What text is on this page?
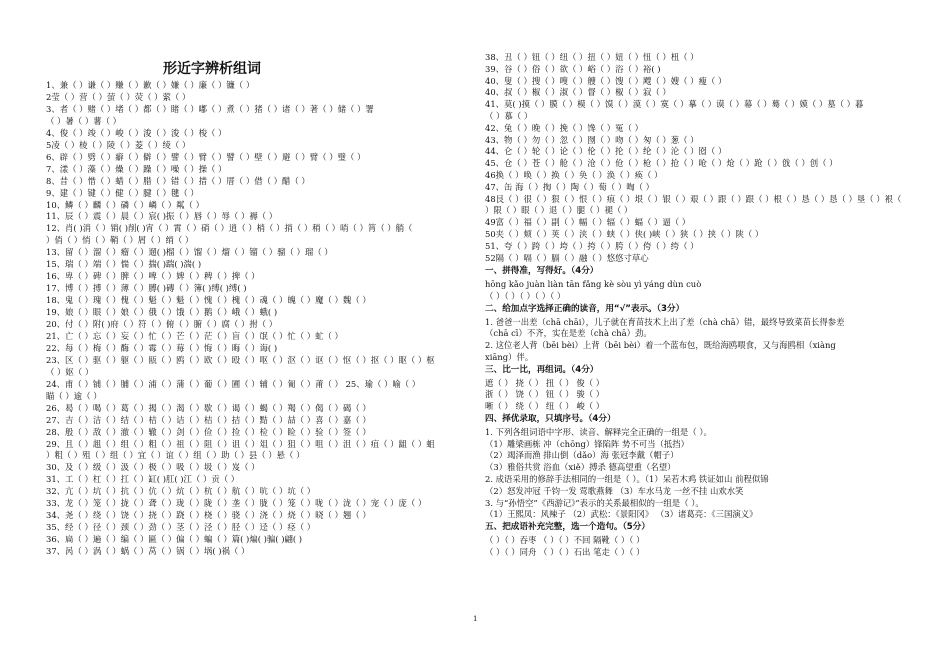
形近字辨析组词
1、兼（ ）谦（ ）赚（ ）歉（ ）嫌（ ）廉（ ）镰（ ）
2莹（ ）营（ ）萤（ ）荧（ ）萦（ ）
3、者（ ）赌（ ）堵（ ）都（ ）睹（ ）嘟（ ）煮（ ）猪（ ）诸（ ）著（ ）储（ ）署
（ ）暑（ ）薯（ ）
4、俊（ ）竣（ ）峻（ ）浚（ ）浚（ ）梭（ ）
5凌（ ）棱（ ）陵（ ）菱（ ）绫（ ）
6、辟（ ）劈（ ）癖（ ）僻（ ）譬（ ）臂（ ）譬（ ）壁（ ）避（ ）臂（ ）璧（ ）
7、漾（ ）藻（ ）燥（ ）躁（ ）噪（ ）操（ ）
8、昔（ ）惜（ ）蜡（ ）腊（ ）错（ ）措（ ）厝（ ）借（ ）醋（ ）
9、建（ ）键（ ）健（ ）腱（ ）毽（ ）
10、鳞（ ）麟（ ）磷（ ）嶙（ ）粼（ ）
11、辰（ ）震（ ）晨（ ）宸( )振（ ）唇（ ）辱（ ）褥（ ）
12、肖( )消（ ）销( )削( )宵（ ）霄（ ）硝（ ）逍（ ）梢（ ）捎（ ）稍（ ）哨（ ）筲（ ）艄（
）俏（ ）悄（ ）鞘（ ）屑（ ）绡（ ）
13、留（ ）溜（ ）瘤（ ）遛( )榴（ ）馏（ ）熘（ ）镏（ ）骝（ ）瑠（ ）
15、瑞（ ）端（ ）惴（ ）揣( )踹( )湍( )
16、卑（ ）碑（ ）脾（ ）啤（ ）婢（ ）稗（ ）捭（ ）
17、博（ ）搏（ ）薄（ ）膊( )磚（ ）簿( )缚( )缚( )
18、鬼（ ）瑰（ ）傀（ ）魁（ ）魁（ ）愧（ ）槐（ ）魂（ ）魄（ ）魔（ ）魏（ ）
19、娘（ ）眼（ ）娘（ ）俄（ ）饿（ ）鹅（ ）峨（ ）蛾( )
20、付（ ）附( )府（ ）符（ ）俯（ ）腑（ ）腐（ ）拊（ ）
21、亡（ ）忘（ ）妄（ ）忙（ ）芒（ ）茫（ ）盲（ ）氓（ ）忙（ ）虻（ ）
22、每（ ）梅（ ）酶（ ）霉（ ）莓（ ）悔（ ）晦（ ）诲( )
23、区（ ）驱（ ）躯（ ）瓯（ ）鸥（ ）欧（ ）殴（ ）呕（ ）沤（ ）讴（ ）怄（ ）抠（ ）眍（ ）枢
（ ）妪（ ）
24、甫（ ）铺（ ）脯（ ）浦（ ）蒲（ ）葡（ ）圃（ ）辅（ ）匍（ ）莆（ ） 25、瑜（ ）喻（ ）
瞄（ ）逾（ ）
26、曷（ ）喝（ ）葛（ ）揭（ ）渴（ ）歇（ ）谒（ ）蝎（ ）羯（ ）偈（ ）碣（ ）
27、吉（ ）洁（ ）结（ ）桔（ ）诘（ ）桔（ ）拮（ ）黠（ ）喆（ ）喜（ ）嘉（ ）
28、般（ ）敌（ ）澈（ ）辙（ ）剑（ ）俭（ ）捡（ ）检（ ）睑（ ）验（ ）签（ ）
29、且（ ）趄（ ）组（ ）粗（ ）祖（ ）阻（ ）诅（ ）俎（ ）狙（ ）咀（ ）沮（ ）疽（ ）龃（ ）蛆
）粗（ ）殂（ ）组（ ）宜（ ）谊（ ）组（ ）助（ ）县（ ）悬（ ）
30、及（ ）级（ ）汲（ ）极（ ）吸（ ）圾（ ）岌（ ）
31、工（ ）杠（ ）扛（ ）缸( )肛( )江（ ）贡（ ）
32、亢（ ）坑（ ）抗（ ）伉（ ）炕（ ）杭（ ）航（ ）吭（ ）坑（ ）
33、龙（ ）笼（ ）拢（ ）聋（ ）珑（ ）陇（ ）垄（ ）胧（ ）笼（ ）咙（ ）泷（ ）宠（ ）庞（ ）
34、尧（ ）绕（ ）饶（ ）挠（ ）跷（ ）桡（ ）骁（ ）浇（ ）烧（ ）晓（ ）翘（ ）
35、经（ ）径（ ）颈（ ）劲（ ）茎（ ）泾（ ）胫（ ）迳（ ）痉（ ）
36、扁（ ）遍（ ）编（ ）匾（ ）偏（ ）蝙（ ）篇( )煸( )骗( )翩( )
37、呙（ ）涡（ ）蜗（ ）莴（ ）锅（ ）埚( )祸（ ）
38、丑（ ）钮（ ）纽（ ）扭（ ）妞（ ）忸（ ）杻（ ）
39、谷（ ）俗（ ）欲（ ）峪（ ）浴（ ）裕( )
40、叟（ ）搜（ ）嗖（ ）艘（ ）馊（ ）飕（ ）嫂（ ）瘦（ ）
40、叔（ ）椒（ ）淑（ ）督（ ）椒（ ）寂（ ）
41、莫( )摸（ ）膜（ ）模（ ）馍（ ）漠（ ）寞（ ）摹（ ）谟（ ）幕（ ）蓦（ ）嫫（ ）墓（ ）暮
（ ）慕（ ）
42、兔（ ）晚（ ）挽（ ）馋（ ）冤（ ）
43、物（ ）勿（ ）忽（ ）囫（ ）吻（ ）匆（ ）葱（ ）
44、仑（ ）轮（ ）论（ ）伦（ ）抡（ ）纶（ ）沦（ ）囵（ ）
45、仓（ ）苍（ ）舱（ ）沧（ ）伧（ ）枪（ ）抢（ ）呛（ ）炝（ ）跄（ ）戗（ ）创（ ）
46换（ ）唤（ ）换（ ）奂（ ）涣（ ）痪（ ）
47、缶 海（ ）掏（ ）陶（ ）萄（ ）啕（ ）
48艮（ ）很（ ）狠（ ）恨（ ）痕（ ）垠（ ）银（ ）艰（ ）跟（ ）跟（ ）根（ ）恳（ ）恳（ ）垦（ ）裉（
）限（ ）眼（ ）退（ ）腿（ ）褪（ ）
49富（ ）福（ ）副（ ）幅（ ）辐（ ）蝠（ ）逼（ ）
50夹（ ）颊（ ）荚（ ）浃（ ）蛱（ ）侠( )峡（ ）狭（ ）挟（ ）陕（ ）
51、夸（ ）跨（ ）垮（ ）挎（ ）胯（ ）侉（ ）绔（ ）
52隔（ ）嗝（ ）膈（ ）融（ ）悠悠寸草心
一、拼得准，写得好。（4分）
hōng kǎo juàn liàn tān fǎng kè sòu yì yáng dùn cuò
（ ）（ ）（ ）（ ）（ ）
二、给加点字选择正确的读音，用“√”表示。（3分）
1. 爸爸一出差（chā chāi），儿子就在育苗技术上出了差（chà chā）错，最终导致菜苗长得参差
（chā cī）不齐，实在是差（chà chā）劲。
2. 这位老人背（bēi bèi）上背（bēi bèi）着一个蓝布包，既给海鸥喂食，又与海鸥相（xiàng
xiāng）伴。
三、比一比，再组词。（4分）
遮（ ） 挠（ ） 扭（ ） 俊（ ）
浙（ ） 饶（ ） 钮（ ） 骏（ ）
晰（ ） 绕（ ） 纽（ ） 峻（ ）
四、择优录取，只填序号。（4分）
1. 下列各组词语中字形、读音、解释完全正确的一组是（ ）。
（1）雕梁画栋 冲（chōng）锋陷阵 势不可当（抵挡）
（2）竭泽而渔 排山倒（dǎo）海 张冠李戴（帽子）
（3）雅俗共赏 浴血（xiě）搏杀 德高望重（名望）
2. 成语采用的修辞手法相同的一组是（ ）。（1）呆若木鸡 铁证如山 前程似锦
（2）怒发冲冠 千钧一发 莺歌燕舞 （3）车水马龙 一丝不挂 山欢水笑
3. 与“孙悟空”《西游记》”表示的关系最相似的一组是（ ）。
（1）王熙凤：风辣子 （2）武松：《景阳冈》 （3）诸葛亮：《三国演义》
五、把成语补充完整，选一个造句。（5分）
（ ）（ ）吞枣 （ ）（ ）不回 隔靴（ ）（ ）
（ ）（ ）同舟 （ ）（ ）石出 笔走（ ）（ ）
1
